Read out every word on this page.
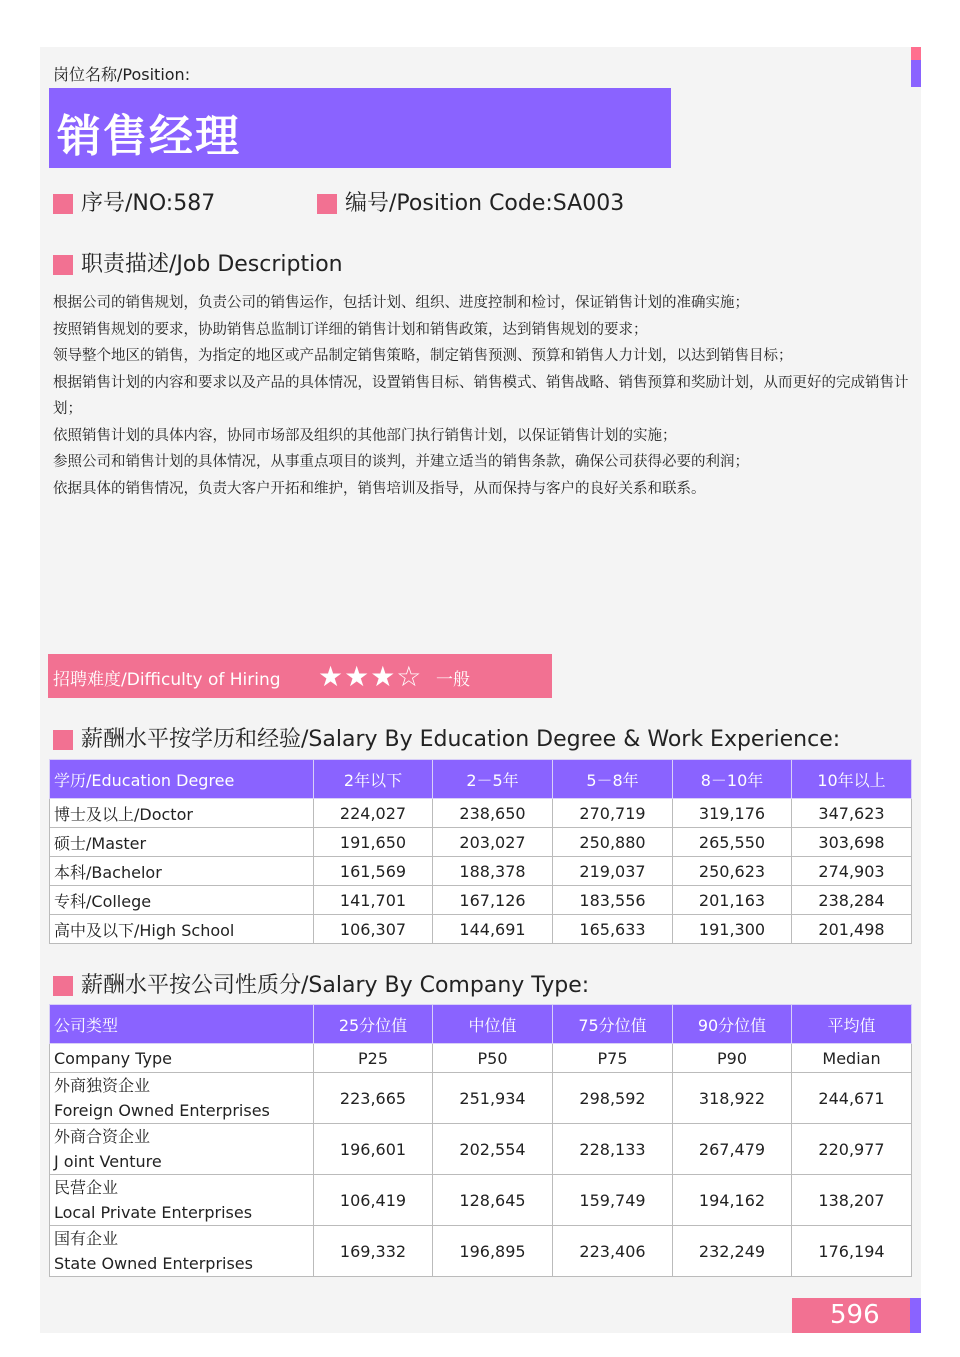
岗位名称/Position:
销售经理
序号/NO:587	编号/Position Code:SA003
职责描述/Job Description
根据公司的销售规划，负责公司的销售运作，包括计划、组织、进度控制和检讨，保证销售计划的准确实施；
按照销售规划的要求，协助销售总监制订详细的销售计划和销售政策，达到销售规划的要求；
领导整个地区的销售，为指定的地区或产品制定销售策略，制定销售预测、预算和销售人力计划，以达到销售目标；
根据销售计划的内容和要求以及产品的具体情况，设置销售目标、销售模式、销售战略、销售预算和奖励计划，从而更好的完成销售计划；
依照销售计划的具体内容，协同市场部及组织的其他部门执行销售计划，以保证销售计划的实施；
参照公司和销售计划的具体情况，从事重点项目的谈判，并建立适当的销售条款，确保公司获得必要的利润；
依据具体的销售情况，负责大客户开拓和维护，销售培训及指导，从而保持与客户的良好关系和联系。
招聘难度/Difficulty of Hiring ★★★☆ 一般
薪酬水平按学历和经验/Salary By Education Degree & Work Experience:
学历/Education Degree	2年以下	2－5年	5－8年	8－10年	10年以上
博士及以上/Doctor	224,027	238,650	270,719	319,176	347,623
硕士/Master	191,650	203,027	250,880	265,550	303,698
本科/Bachelor	161,569	188,378	219,037	250,623	274,903
专科/College	141,701	167,126	183,556	201,163	238,284
高中及以下/High School	106,307	144,691	165,633	191,300	201,498
薪酬水平按公司性质分/Salary By Company Type:
公司类型	25分位值	中位值	75分位值	90分位值	平均值
Company Type	P25	P50	P75	P90	Median

外商独资企业
Foreign Owned Enterprises	223,665	251,934	298,592	318,922	244,671

外商合资企业
J oint Venture	196,601	202,554	228,133	267,479	220,977

民营企业
Local Private Enterprises	106,419	128,645	159,749	194,162	138,207

国有企业
State Owned Enterprises	169,332	196,895	223,406	232,249	176,194
596
